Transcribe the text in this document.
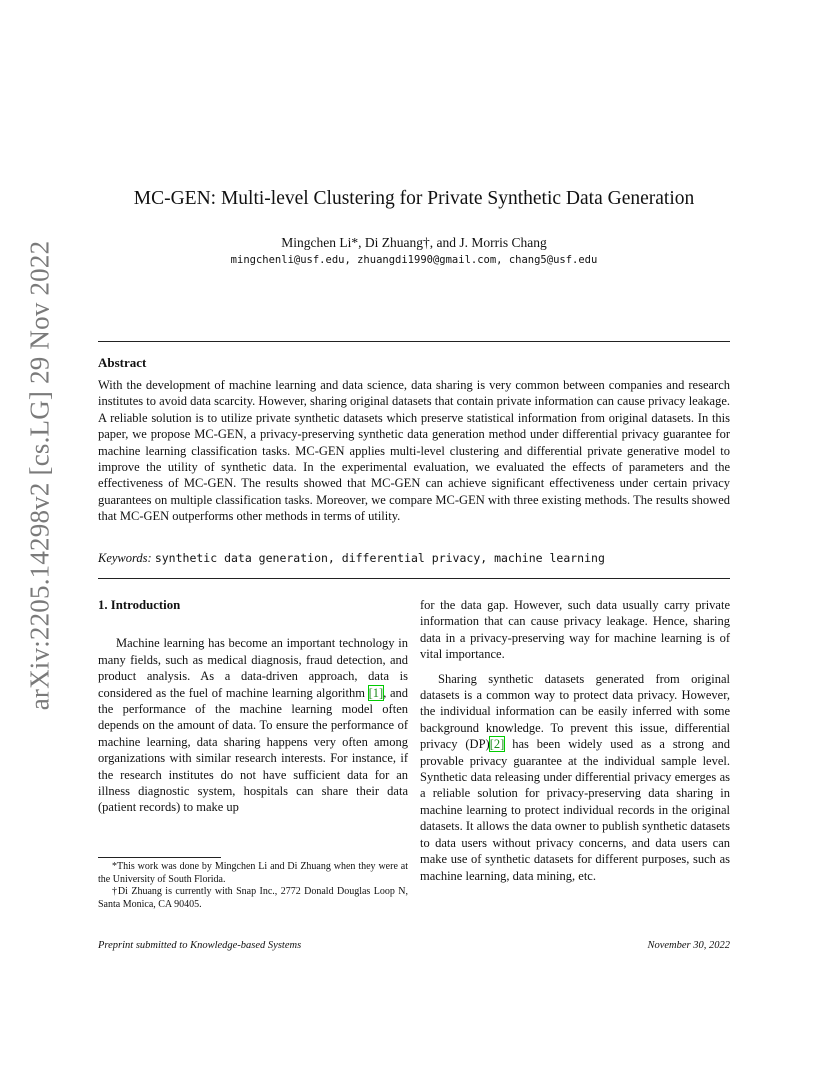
arXiv:2205.14298v2 [cs.LG] 29 Nov 2022
MC-GEN: Multi-level Clustering for Private Synthetic Data Generation
Mingchen Li*, Di Zhuang†, and J. Morris Chang
mingchenli@usf.edu, zhuangdi1990@gmail.com, chang5@usf.edu
Abstract
With the development of machine learning and data science, data sharing is very common between companies and research institutes to avoid data scarcity. However, sharing original datasets that contain private information can cause privacy leakage. A reliable solution is to utilize private synthetic datasets which preserve statistical information from original datasets. In this paper, we propose MC-GEN, a privacy-preserving synthetic data generation method under differential privacy guarantee for machine learning classification tasks. MC-GEN applies multi-level clustering and differential private generative model to improve the utility of synthetic data. In the experimental evaluation, we evaluated the effects of parameters and the effectiveness of MC-GEN. The results showed that MC-GEN can achieve significant effectiveness under certain privacy guarantees on multiple classification tasks. Moreover, we compare MC-GEN with three existing methods. The results showed that MC-GEN outperforms other methods in terms of utility.
Keywords: synthetic data generation, differential privacy, machine learning

1. Introduction

Machine learning has become an important technology in many fields, such as medical diagnosis, fraud detection, and product analysis. As a data-driven approach, data is considered as the fuel of machine learning algorithm [1], and the performance of the machine learning model often depends on the amount of data. To ensure the performance of machine learning, data sharing happens very often among organizations with similar research interests. For instance, if the research institutes do not have sufficient data for an illness diagnostic system, hospitals can share their data (patient records) to make up

for the data gap. However, such data usually carry private information that can cause privacy leakage. Hence, sharing data in a privacy-preserving way for machine learning is of vital importance.

Sharing synthetic datasets generated from original datasets is a common way to protect data privacy. However, the individual information can be easily inferred with some background knowledge. To prevent this issue, differential privacy (DP)[2] has been widely used as a strong and provable privacy guarantee at the individual sample level. Synthetic data releasing under differential privacy emerges as a reliable solution for privacy-preserving data sharing in machine learning to protect individual records in the original datasets. It allows the data owner to publish synthetic datasets to data users without privacy concerns, and data users can make use of synthetic datasets for different purposes, such as machine learning, data mining, etc.

*This work was done by Mingchen Li and Di Zhuang when they were at the University of South Florida.

†Di Zhuang is currently with Snap Inc., 2772 Donald Douglas Loop N, Santa Monica, CA 90405.

Preprint submitted to Knowledge-based Systems	November 30, 2022
